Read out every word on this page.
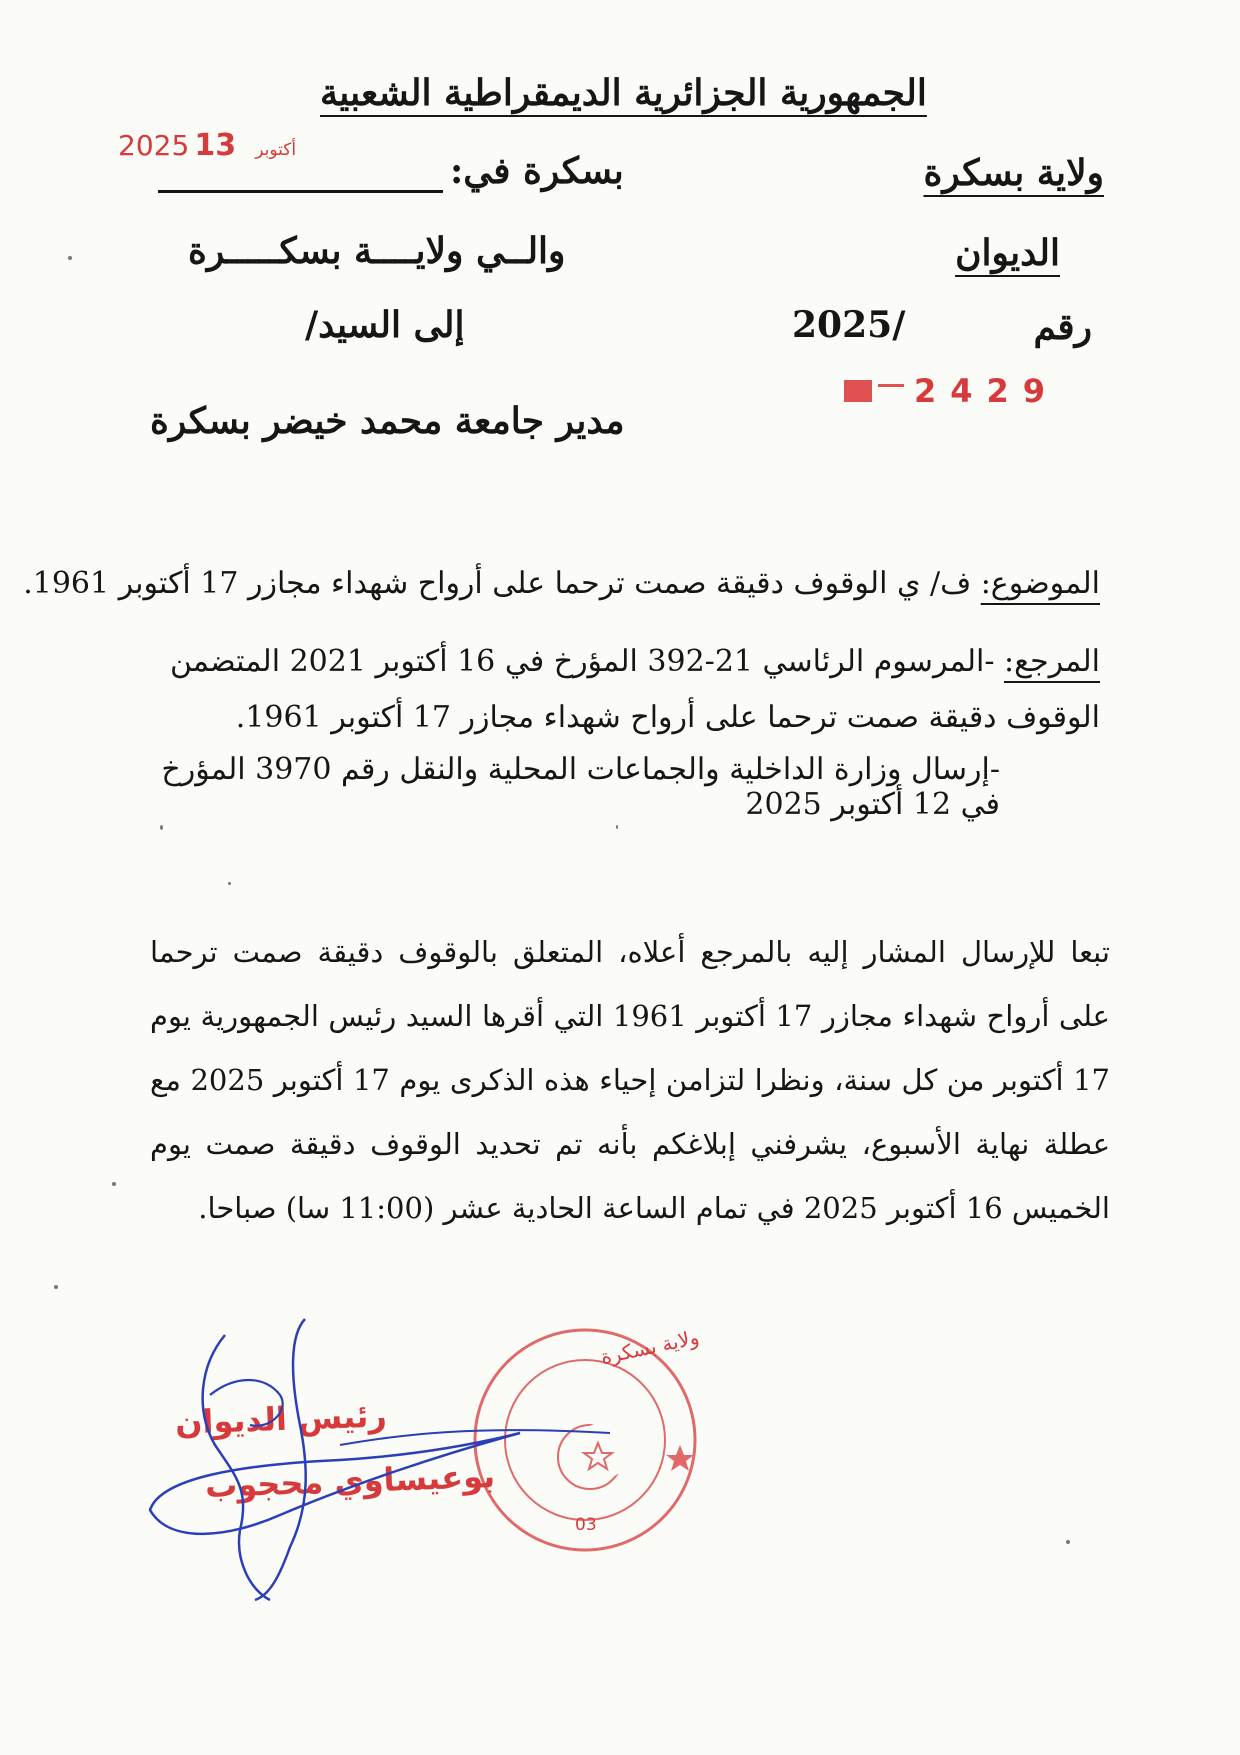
الجمهورية الجزائرية الديمقراطية الشعبية
2025	أكتوبر 13
ولاية بسكرة
بسكرة في:
الديوان
والــي ولايــــة بسكـــــرة
رقم
2025/
إلى السيد/
2429
مدير جامعة محمد خيضر بسكرة
الموضوع: ف/ ي الوقوف دقيقة صمت ترحما على أرواح شهداء مجازر 17 أكتوبر 1961.
المرجع: -المرسوم الرئاسي 21-392 المؤرخ في 16 أكتوبر 2021 المتضمن الوقوف دقيقة صمت ترحما على أرواح شهداء مجازر 17 أكتوبر 1961.
-إرسال وزارة الداخلية والجماعات المحلية والنقل رقم 3970 المؤرخ في 12 أكتوبر 2025
تبعا للإرسال المشار إليه بالمرجع أعلاه، المتعلق بالوقوف دقيقة صمت ترحما على أرواح شهداء مجازر 17 أكتوبر 1961 التي أقرها السيد رئيس الجمهورية يوم 17 أكتوبر من كل سنة، ونظرا لتزامن إحياء هذه الذكرى يوم 17 أكتوبر 2025 مع عطلة نهاية الأسبوع، يشرفني إبلاغكم بأنه تم تحديد الوقوف دقيقة صمت يوم الخميس 16 أكتوبر 2025 في تمام الساعة الحادية عشر (11:00 سا) صباحا.
ولاية بسكرة
03
رئيس الديوان
بوعيساوي محجوب
